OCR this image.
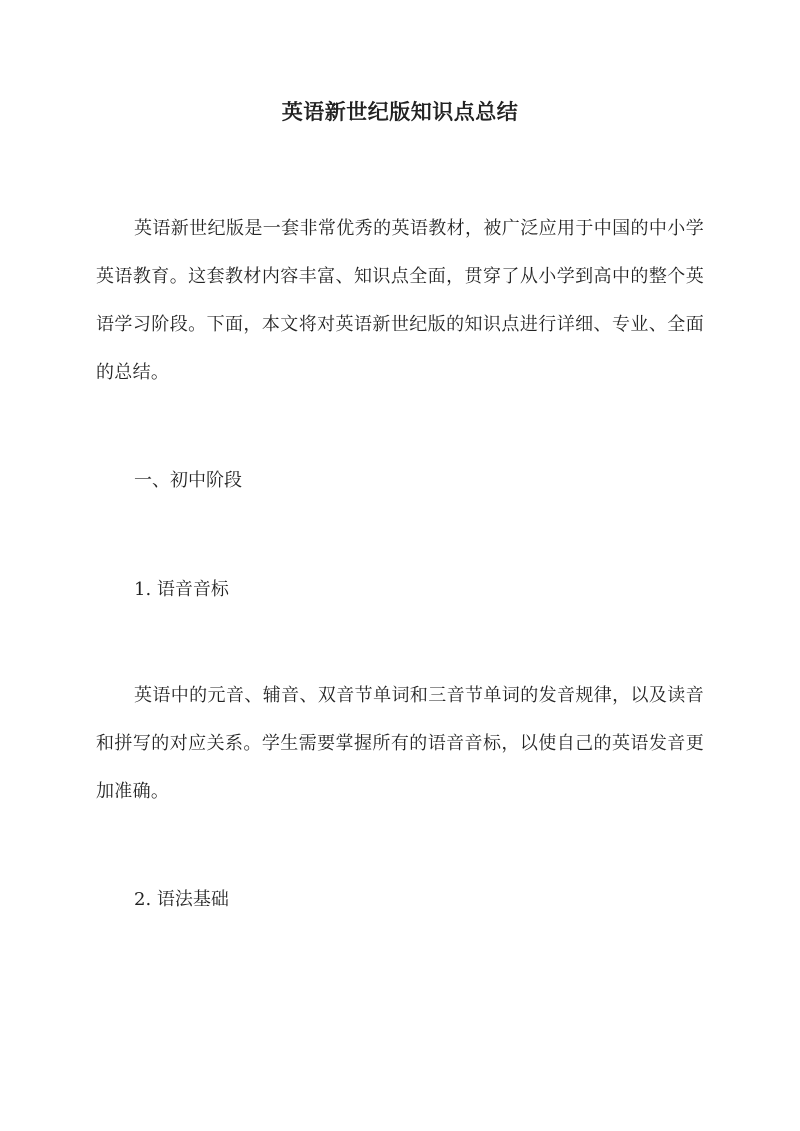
英语新世纪版知识点总结

英语新世纪版是一套非常优秀的英语教材，被广泛应用于中国的中小学英语教育。这套教材内容丰富、知识点全面，贯穿了从小学到高中的整个英语学习阶段。下面，本文将对英语新世纪版的知识点进行详细、专业、全面的总结。

一、初中阶段
1. 语音音标

英语中的元音、辅音、双音节单词和三音节单词的发音规律，以及读音和拼写的对应关系。学生需要掌握所有的语音音标，以使自己的英语发音更加准确。

2. 语法基础
